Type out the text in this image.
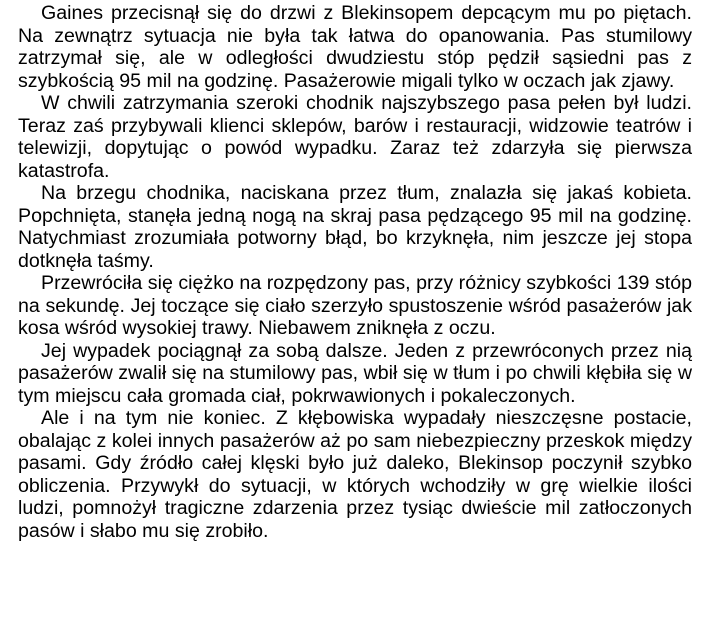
Gaines przecisnął się do drzwi z Blekinsopem depcącym mu po piętach. Na zewnątrz sytuacja nie była tak łatwa do opanowania. Pas stumilowy zatrzymał się, ale w odległości dwudziestu stóp pędził sąsiedni pas z szybkością 95 mil na godzinę. Pasażerowie migali tylko w oczach jak zjawy.

W chwili zatrzymania szeroki chodnik najszybszego pasa pełen był ludzi. Teraz zaś przybywali klienci sklepów, barów i restauracji, widzowie teatrów i telewizji, dopytując o powód wypadku. Zaraz też zdarzyła się pierwsza katastrofa.

Na brzegu chodnika, naciskana przez tłum, znalazła się jakaś kobieta. Popchnięta, stanęła jedną nogą na skraj pasa pędzącego 95 mil na godzinę. Natychmiast zrozumiała potworny błąd, bo krzyknęła, nim jeszcze jej stopa dotknęła taśmy.

Przewróciła się ciężko na rozpędzony pas, przy różnicy szybkości 139 stóp na sekundę. Jej toczące się ciało szerzyło spustoszenie wśród pasażerów jak kosa wśród wysokiej trawy. Niebawem zniknęła z oczu.

Jej wypadek pociągnął za sobą dalsze. Jeden z przewróconych przez nią pasażerów zwalił się na stumilowy pas, wbił się w tłum i po chwili kłębiła się w tym miejscu cała gromada ciał, pokrwawionych i pokaleczonych.

Ale i na tym nie koniec. Z kłębowiska wypadały nieszczęsne postacie, obalając z kolei innych pasażerów aż po sam niebezpieczny przeskok między pasami. Gdy źródło całej klęski było już daleko, Blekinsop poczynił szybko obliczenia. Przywykł do sytuacji, w których wchodziły w grę wielkie ilości ludzi, pomnożył tragiczne zdarzenia przez tysiąc dwieście mil zatłoczonych pasów i słabo mu się zrobiło.
